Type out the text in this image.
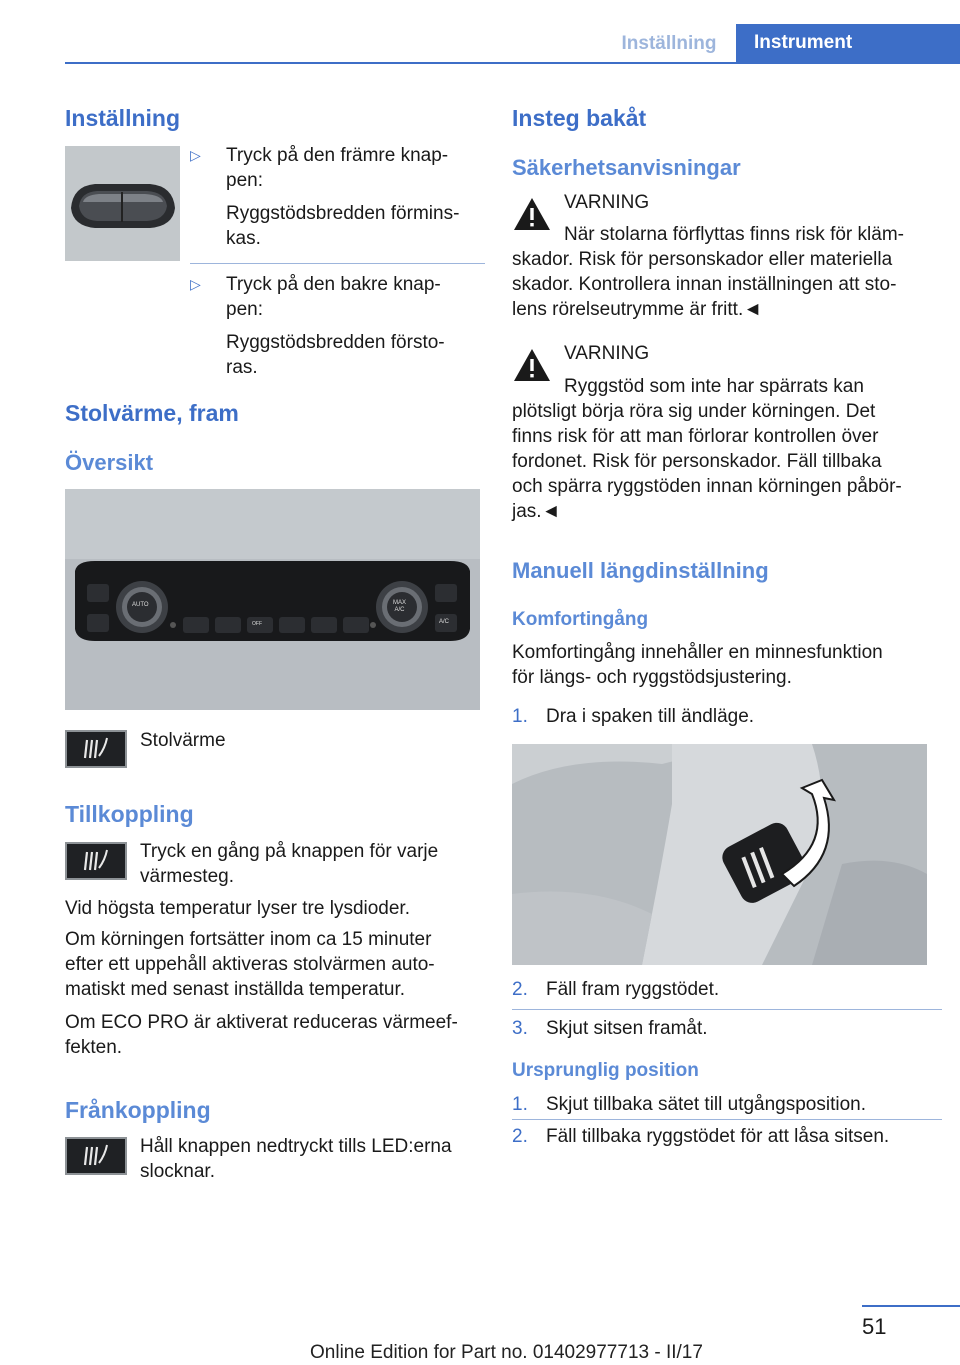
Inställning	Instrument
Inställning
▷ Tryck på den främre knap-
pen:
Ryggstödsbredden förmins-
kas.
▷ Tryck på den bakre knap-
pen:
Ryggstödsbredden försto-
ras.
Stolvärme, fram
Översikt
AUTO	MAX
A/C
A/C
OFF
Stolvärme
Tillkoppling
Tryck en gång på knappen för varje
värmesteg.
Vid högsta temperatur lyser tre lysdioder.
Om körningen fortsätter inom ca 15 minuter
efter ett uppehåll aktiveras stolvärmen auto-
matiskt med senast inställda temperatur.
Om ECO PRO är aktiverat reduceras värmeef-
fekten.
Frånkoppling
Håll knappen nedtryckt tills LED:erna
slocknar.
Insteg bakåt
Säkerhetsanvisningar
VARNING
När stolarna förflyttas finns risk för kläm-
skador. Risk för personskador eller materiella
skador. Kontrollera innan inställningen att sto-
lens rörelseutrymme är fritt.◄
VARNING
Ryggstöd som inte har spärrats kan
plötsligt börja röra sig under körningen. Det
finns risk för att man förlorar kontrollen över
fordonet. Risk för personskador. Fäll tillbaka
och spärra ryggstöden innan körningen påbör-
jas.◄
Manuell längdinställning
Komfortingång
Komfortingång innehåller en minnesfunktion
för längs- och ryggstödsjustering.
1. Dra i spaken till ändläge.
2. Fäll fram ryggstödet.
3. Skjut sitsen framåt.
Ursprunglig position
1. Skjut tillbaka sätet till utgångsposition.
2. Fäll tillbaka ryggstödet för att låsa sitsen.
51
Online Edition for Part no. 01402977713 - II/17
